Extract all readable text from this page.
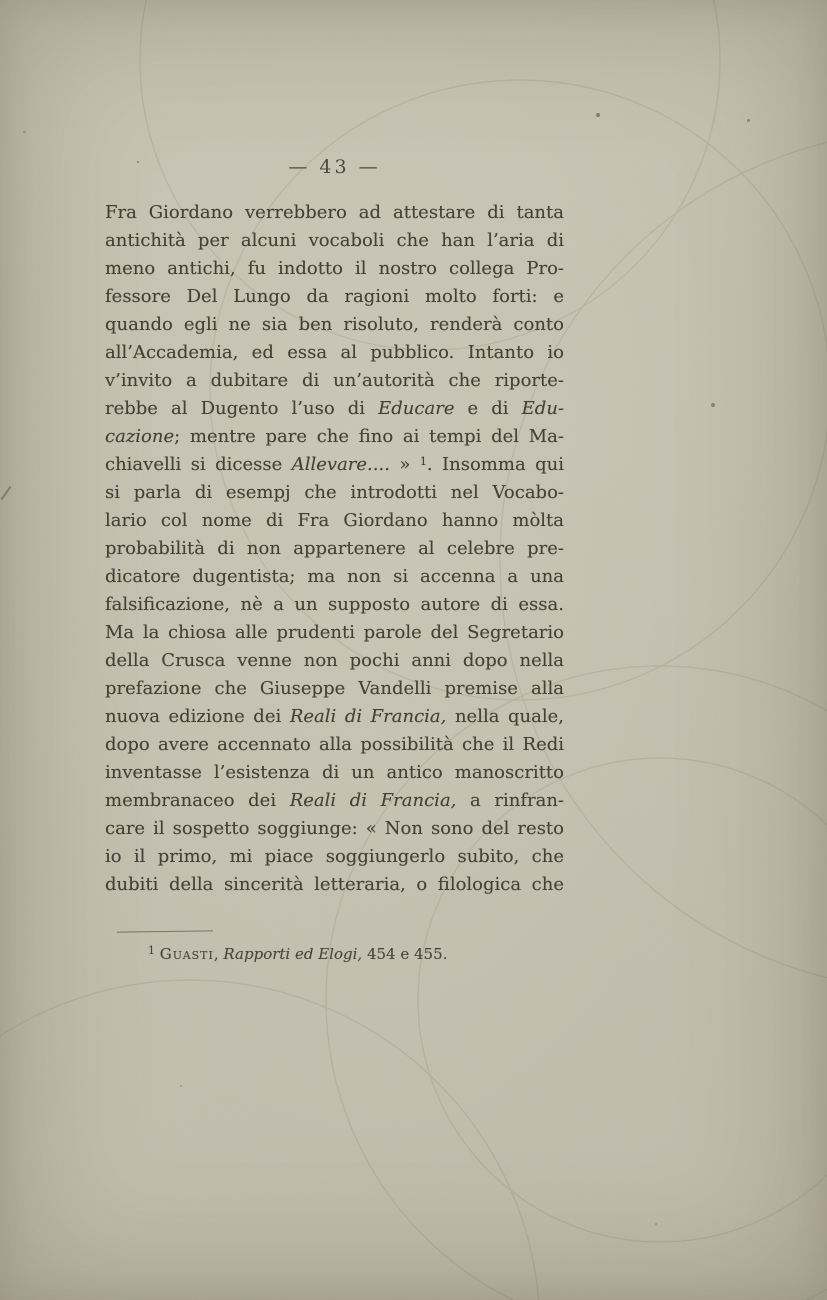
— 43 —
Fra Giordano verrebbero ad attestare di tanta
antichità per alcuni vocaboli che han l’aria di
meno antichi, fu indotto il nostro collega Pro-
fessore Del Lungo da ragioni molto forti: e
quando egli ne sia ben risoluto, renderà conto
all’Accademia, ed essa al pubblico. Intanto io
v’invito a dubitare di un’autorità che riporte-
rebbe al Dugento l’uso di Educare e di Edu-
cazione; mentre pare che fino ai tempi del Ma-
chiavelli si dicesse Allevare.... » $^1$. Insomma qui
si parla di esempj che introdotti nel Vocabo-
lario col nome di Fra Giordano hanno mòlta
probabilità di non appartenere al celebre pre-
dicatore dugentista; ma non si accenna a una
falsificazione, nè a un supposto autore di essa.
Ma la chiosa alle prudenti parole del Segretario
della Crusca venne non pochi anni dopo nella
prefazione che Giuseppe Vandelli premise alla
nuova edizione dei Reali di Francia, nella quale,
dopo avere accennato alla possibilità che il Redi
inventasse l’esistenza di un antico manoscritto
membranaceo dei Reali di Francia, a rinfran-
care il sospetto soggiunge: « Non sono del resto
io il primo, mi piace soggiungerlo subito, che
dubiti della sincerità letteraria, o filologica che
$^1$ Guasti, Rapporti ed Elogi, 454 e 455.
